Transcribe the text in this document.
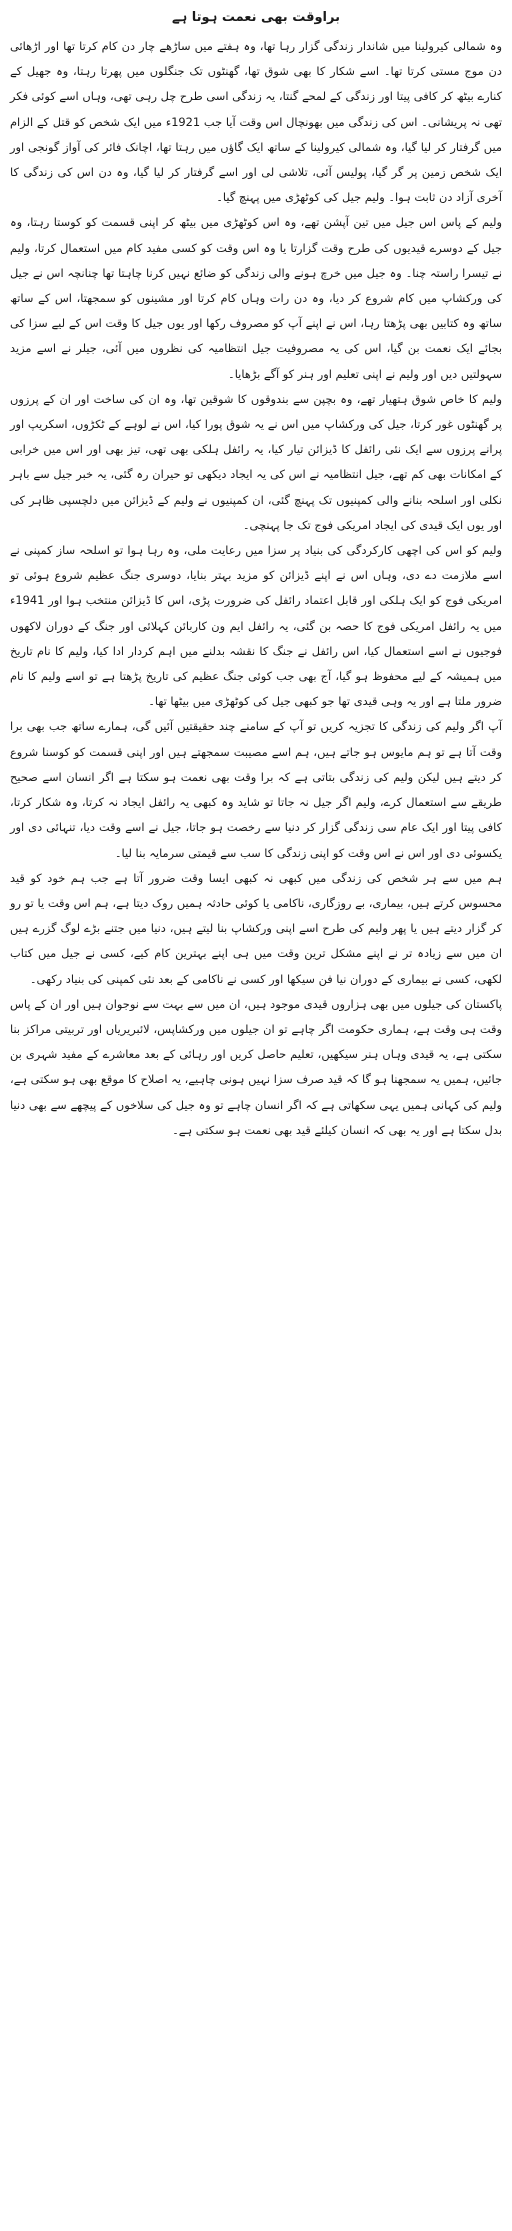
براوقت بھی نعمت ہوتا ہے

وہ شمالی کیرولینا میں شاندار زندگی گزار رہا تھا، وہ ہفتے میں ساڑھے چار دن کام کرتا تھا اور اڑھائی دن موج مستی کرتا تھا۔ اسے شکار کا بھی شوق تھا، گھنٹوں تک جنگلوں میں پھرتا رہتا، وہ جھیل کے کنارے بیٹھ کر کافی پیتا اور زندگی کے لمحے گنتا، یہ زندگی اسی طرح چل رہی تھی، وہاں اسے کوئی فکر تھی نہ پریشانی۔ اس کی زندگی میں بھونچال اس وقت آیا جب 1921ء میں ایک شخص کو قتل کے الزام میں گرفتار کر لیا گیا، وہ شمالی کیرولینا کے ساتھ ایک گاؤں میں رہتا تھا، اچانک فائر کی آواز گونجی اور ایک شخص زمین پر گر گیا، پولیس آئی، تلاشی لی اور اسے گرفتار کر لیا گیا، وہ دن اس کی زندگی کا آخری آزاد دن ثابت ہوا۔ ولیم جیل کی کوٹھڑی میں پہنچ گیا۔

ولیم کے پاس اس جیل میں تین آپشن تھے، وہ اس کوٹھڑی میں بیٹھ کر اپنی قسمت کو کوستا رہتا، وہ جیل کے دوسرے قیدیوں کی طرح وقت گزارتا یا وہ اس وقت کو کسی مفید کام میں استعمال کرتا، ولیم نے تیسرا راستہ چنا۔ وہ جیل میں خرچ ہونے والی زندگی کو ضائع نہیں کرنا چاہتا تھا چنانچہ اس نے جیل کی ورکشاپ میں کام شروع کر دیا، وہ دن رات وہاں کام کرتا اور مشینوں کو سمجھتا، اس کے ساتھ ساتھ وہ کتابیں بھی پڑھتا رہا، اس نے اپنے آپ کو مصروف رکھا اور یوں جیل کا وقت اس کے لیے سزا کی بجائے ایک نعمت بن گیا، اس کی یہ مصروفیت جیل انتظامیہ کی نظروں میں آئی، جیلر نے اسے مزید سہولتیں دیں اور ولیم نے اپنی تعلیم اور ہنر کو آگے بڑھایا۔

ولیم کا خاص شوق ہتھیار تھے، وہ بچپن سے بندوقوں کا شوقین تھا، وہ ان کی ساخت اور ان کے پرزوں پر گھنٹوں غور کرتا، جیل کی ورکشاپ میں اس نے یہ شوق پورا کیا، اس نے لوہے کے ٹکڑوں، اسکریپ اور پرانے پرزوں سے ایک نئی رائفل کا ڈیزائن تیار کیا، یہ رائفل ہلکی بھی تھی، تیز بھی اور اس میں خرابی کے امکانات بھی کم تھے، جیل انتظامیہ نے اس کی یہ ایجاد دیکھی تو حیران رہ گئی، یہ خبر جیل سے باہر نکلی اور اسلحہ بنانے والی کمپنیوں تک پہنچ گئی، ان کمپنیوں نے ولیم کے ڈیزائن میں دلچسپی ظاہر کی اور یوں ایک قیدی کی ایجاد امریکی فوج تک جا پہنچی۔

ولیم کو اس کی اچھی کارکردگی کی بنیاد پر سزا میں رعایت ملی، وہ رہا ہوا تو اسلحہ ساز کمپنی نے اسے ملازمت دے دی، وہاں اس نے اپنے ڈیزائن کو مزید بہتر بنایا، دوسری جنگ عظیم شروع ہوئی تو امریکی فوج کو ایک ہلکی اور قابل اعتماد رائفل کی ضرورت پڑی، اس کا ڈیزائن منتخب ہوا اور 1941ء میں یہ رائفل امریکی فوج کا حصہ بن گئی، یہ رائفل ایم ون کاربائن کہلائی اور جنگ کے دوران لاکھوں فوجیوں نے اسے استعمال کیا، اس رائفل نے جنگ کا نقشہ بدلنے میں اہم کردار ادا کیا، ولیم کا نام تاریخ میں ہمیشہ کے لیے محفوظ ہو گیا، آج بھی جب کوئی جنگ عظیم کی تاریخ پڑھتا ہے تو اسے ولیم کا نام ضرور ملتا ہے اور یہ وہی قیدی تھا جو کبھی جیل کی کوٹھڑی میں بیٹھا تھا۔

آپ اگر ولیم کی زندگی کا تجزیہ کریں تو آپ کے سامنے چند حقیقتیں آئیں گی، ہمارے ساتھ جب بھی برا وقت آتا ہے تو ہم مایوس ہو جاتے ہیں، ہم اسے مصیبت سمجھتے ہیں اور اپنی قسمت کو کوسنا شروع کر دیتے ہیں لیکن ولیم کی زندگی بتاتی ہے کہ برا وقت بھی نعمت ہو سکتا ہے اگر انسان اسے صحیح طریقے سے استعمال کرے، ولیم اگر جیل نہ جاتا تو شاید وہ کبھی یہ رائفل ایجاد نہ کرتا، وہ شکار کرتا، کافی پیتا اور ایک عام سی زندگی گزار کر دنیا سے رخصت ہو جاتا، جیل نے اسے وقت دیا، تنہائی دی اور یکسوئی دی اور اس نے اس وقت کو اپنی زندگی کا سب سے قیمتی سرمایہ بنا لیا۔

ہم میں سے ہر شخص کی زندگی میں کبھی نہ کبھی ایسا وقت ضرور آتا ہے جب ہم خود کو قید محسوس کرتے ہیں، بیماری، بے روزگاری، ناکامی یا کوئی حادثہ ہمیں روک دیتا ہے، ہم اس وقت یا تو رو کر گزار دیتے ہیں یا پھر ولیم کی طرح اسے اپنی ورکشاپ بنا لیتے ہیں، دنیا میں جتنے بڑے لوگ گزرے ہیں ان میں سے زیادہ تر نے اپنے مشکل ترین وقت میں ہی اپنے بہترین کام کیے، کسی نے جیل میں کتاب لکھی، کسی نے بیماری کے دوران نیا فن سیکھا اور کسی نے ناکامی کے بعد نئی کمپنی کی بنیاد رکھی۔

پاکستان کی جیلوں میں بھی ہزاروں قیدی موجود ہیں، ان میں سے بہت سے نوجوان ہیں اور ان کے پاس وقت ہی وقت ہے، ہماری حکومت اگر چاہے تو ان جیلوں میں ورکشاپس، لائبریریاں اور تربیتی مراکز بنا سکتی ہے، یہ قیدی وہاں ہنر سیکھیں، تعلیم حاصل کریں اور رہائی کے بعد معاشرے کے مفید شہری بن جائیں، ہمیں یہ سمجھنا ہو گا کہ قید صرف سزا نہیں ہونی چاہیے، یہ اصلاح کا موقع بھی ہو سکتی ہے، ولیم کی کہانی ہمیں یہی سکھاتی ہے کہ اگر انسان چاہے تو وہ جیل کی سلاخوں کے پیچھے سے بھی دنیا بدل سکتا ہے اور یہ بھی کہ انسان کیلئے قید بھی نعمت ہو سکتی ہے۔
